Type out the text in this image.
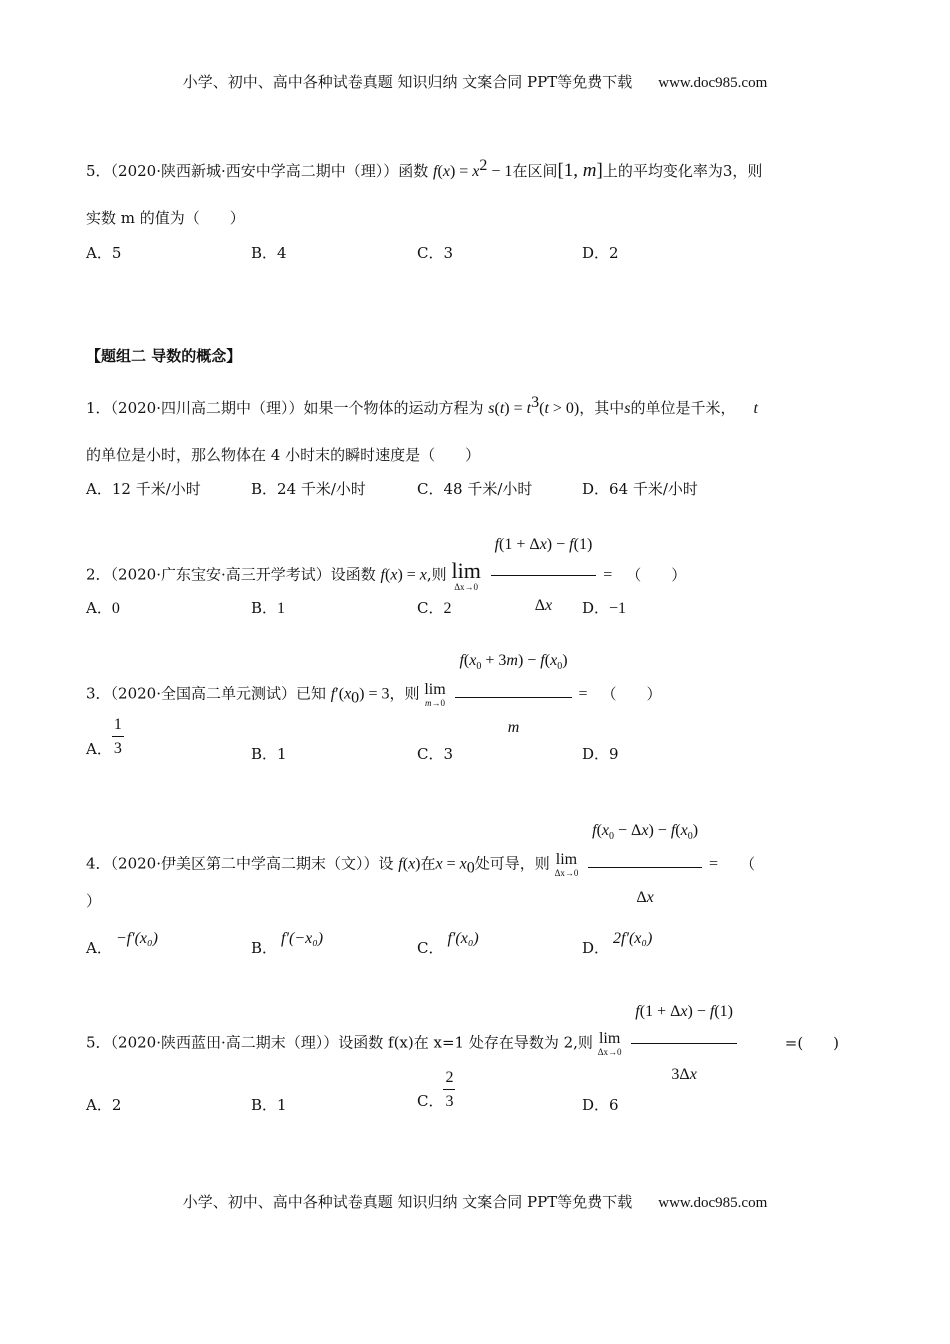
小学、初中、高中各种试卷真题 知识归纳 文案合同 PPT等免费下载 www.doc985.com
5．（2020·陕西新城·西安中学高二期中（理））函数 $f(x) = x^2 - 1$在区间[1, m]上的平均变化率为3，则
实数 m 的值为（　　）
A．5	B．4	C．3	D．2
【题组二 导数的概念】
1．（2020·四川高二期中（理））如果一个物体的运动方程为 $s(t) = t^3(t > 0)$，其中s的单位是千米， t
的单位是小时，那么物体在 4 小时末的瞬时速度是（　　）
A．12 千米/小时	B．24 千米/小时	C．48 千米/小时	D．64 千米/小时
2．（2020·广东宝安·高三开学考试）设函数 f(x) = x,则 lim
Δx→0
$\frac{f(1 + \Delta x) - f(1)}{\Delta x}$ = （　　）
A．0	B．1	C．2	D．−1
3．（2020·全国高二单元测试）已知 $f'(x_0) = 3$，则 lim
m→0
$\frac{f(x_0 + 3m) - f(x_0)}{m}$ = （　　）
A． $\frac{1}{3}$	B．1	C．3	D．9
4．（2020·伊美区第二中学高二期末（文））设 f(x)在$x = x_0$处可导，则 lim
Δx→0
$\frac{f(x_0 - \Delta x) - f(x_0)}{\Delta x}$ = （
）
A．−f′(x₀)
B．f′(−x₀)
C．f′(x₀)
D．2f′(x₀)
5．（2020·陕西蓝田·高二期末（理））设函数 f(x)在 x=1 处存在导数为 2,则 lim
Δx→0
$\frac{f(1 + \Delta x) - f(1)}{3\Delta x}$	=(　　)
A．2	B．1	C． $\frac{2}{3}$	D．6
小学、初中、高中各种试卷真题 知识归纳 文案合同 PPT等免费下载 www.doc985.com
